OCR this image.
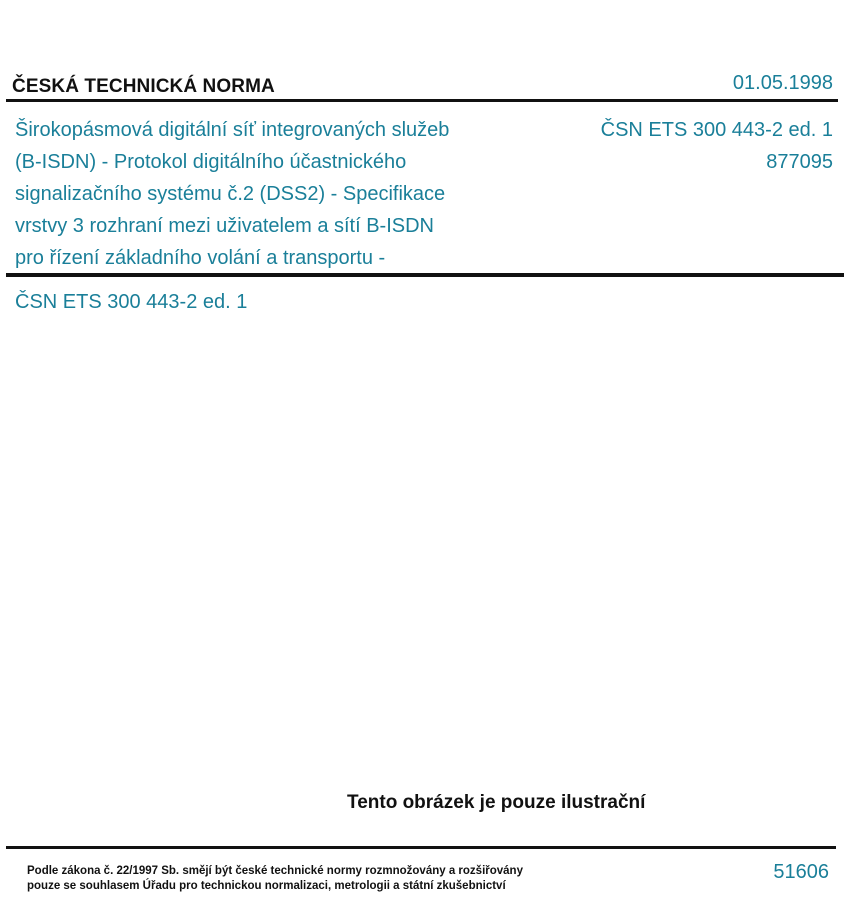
ČESKÁ TECHNICKÁ NORMA	01.05.1998
Širokopásmová digitální síť integrovaných služeb
(B-ISDN) - Protokol digitálního účastnického
signalizačního systému č.2 (DSS2) - Specifikace
vrstvy 3 rozhraní mezi uživatelem a sítí B-ISDN
pro řízení základního volání a transportu -
ČSN ETS 300 443-2 ed. 1
877095
ČSN ETS 300 443-2 ed. 1
Tento obrázek je pouze ilustrační
Podle zákona č. 22/1997 Sb. smějí být české technické normy rozmnožovány a rozšiřovány
pouze se souhlasem Úřadu pro technickou normalizaci, metrologii a státní zkušebnictví
51606
